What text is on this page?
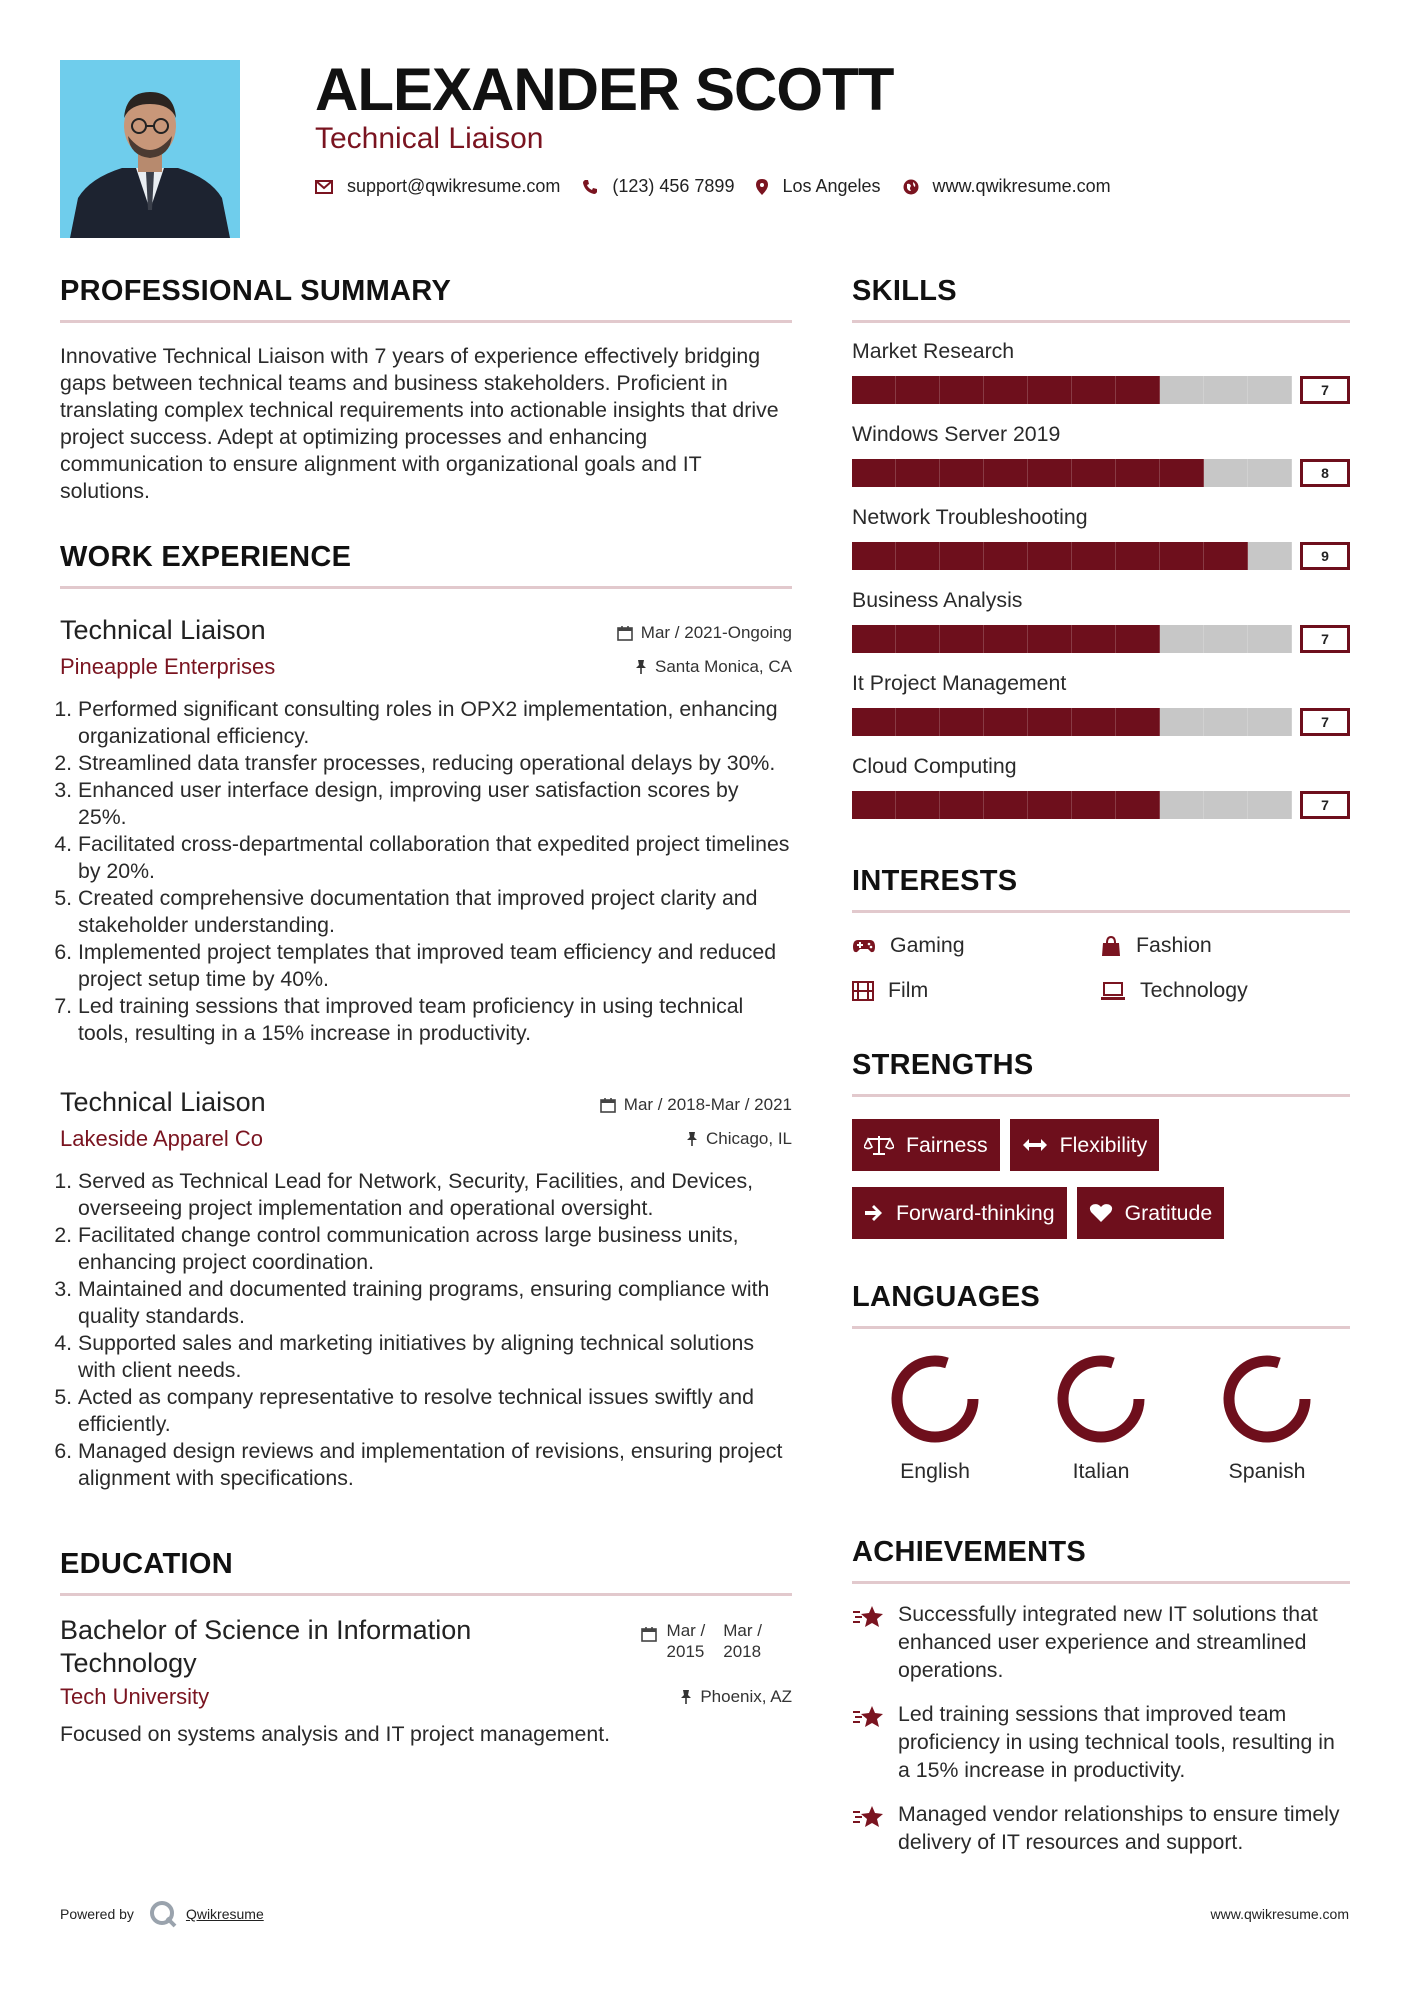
ALEXANDER SCOTT
Technical Liaison
support@qwikresume.com	(123) 456 7899	Los Angeles	www.qwikresume.com
PROFESSIONAL SUMMARY

Innovative Technical Liaison with 7 years of experience effectively bridging gaps between technical teams and business stakeholders. Proficient in translating complex technical requirements into actionable insights that drive project success. Adept at optimizing processes and enhancing communication to ensure alignment with organizational goals and IT solutions.

WORK EXPERIENCE
Technical Liaison	Mar / 2021-Ongoing
Pineapple Enterprises	Santa Monica, CA
1. Performed significant consulting roles in OPX2 implementation, enhancing organizational efficiency.
2. Streamlined data transfer processes, reducing operational delays by 30%.
3. Enhanced user interface design, improving user satisfaction scores by 25%.
4. Facilitated cross-departmental collaboration that expedited project timelines by 20%.
5. Created comprehensive documentation that improved project clarity and stakeholder understanding.
6. Implemented project templates that improved team efficiency and reduced project setup time by 40%.
7. Led training sessions that improved team proficiency in using technical tools, resulting in a 15% increase in productivity.
Technical Liaison	Mar / 2018-Mar / 2021
Lakeside Apparel Co	Chicago, IL
1. Served as Technical Lead for Network, Security, Facilities, and Devices, overseeing project implementation and operational oversight.
2. Facilitated change control communication across large business units, enhancing project coordination.
3. Maintained and documented training programs, ensuring compliance with quality standards.
4. Supported sales and marketing initiatives by aligning technical solutions with client needs.
5. Acted as company representative to resolve technical issues swiftly and efficiently.
6. Managed design reviews and implementation of revisions, ensuring project alignment with specifications.
EDUCATION
Bachelor of Science in Information Technology
Mar /
2015
Mar /
2018
Tech University	Phoenix, AZ
Focused on systems analysis and IT project management.
SKILLS
Market Research
7
Windows Server 2019
8
Network Troubleshooting
9
Business Analysis
7
It Project Management
7
Cloud Computing
7
INTERESTS
Gaming	Fashion
Film	Technology
STRENGTHS
Fairness	Flexibility
Forward-thinking	Gratitude
LANGUAGES
English	Italian	Spanish
ACHIEVEMENTS
Successfully integrated new IT solutions that enhanced user experience and streamlined operations.
Led training sessions that improved team proficiency in using technical tools, resulting in a 15% increase in productivity.
Managed vendor relationships to ensure timely delivery of IT resources and support.
Powered by	Qwikresume	www.qwikresume.com
